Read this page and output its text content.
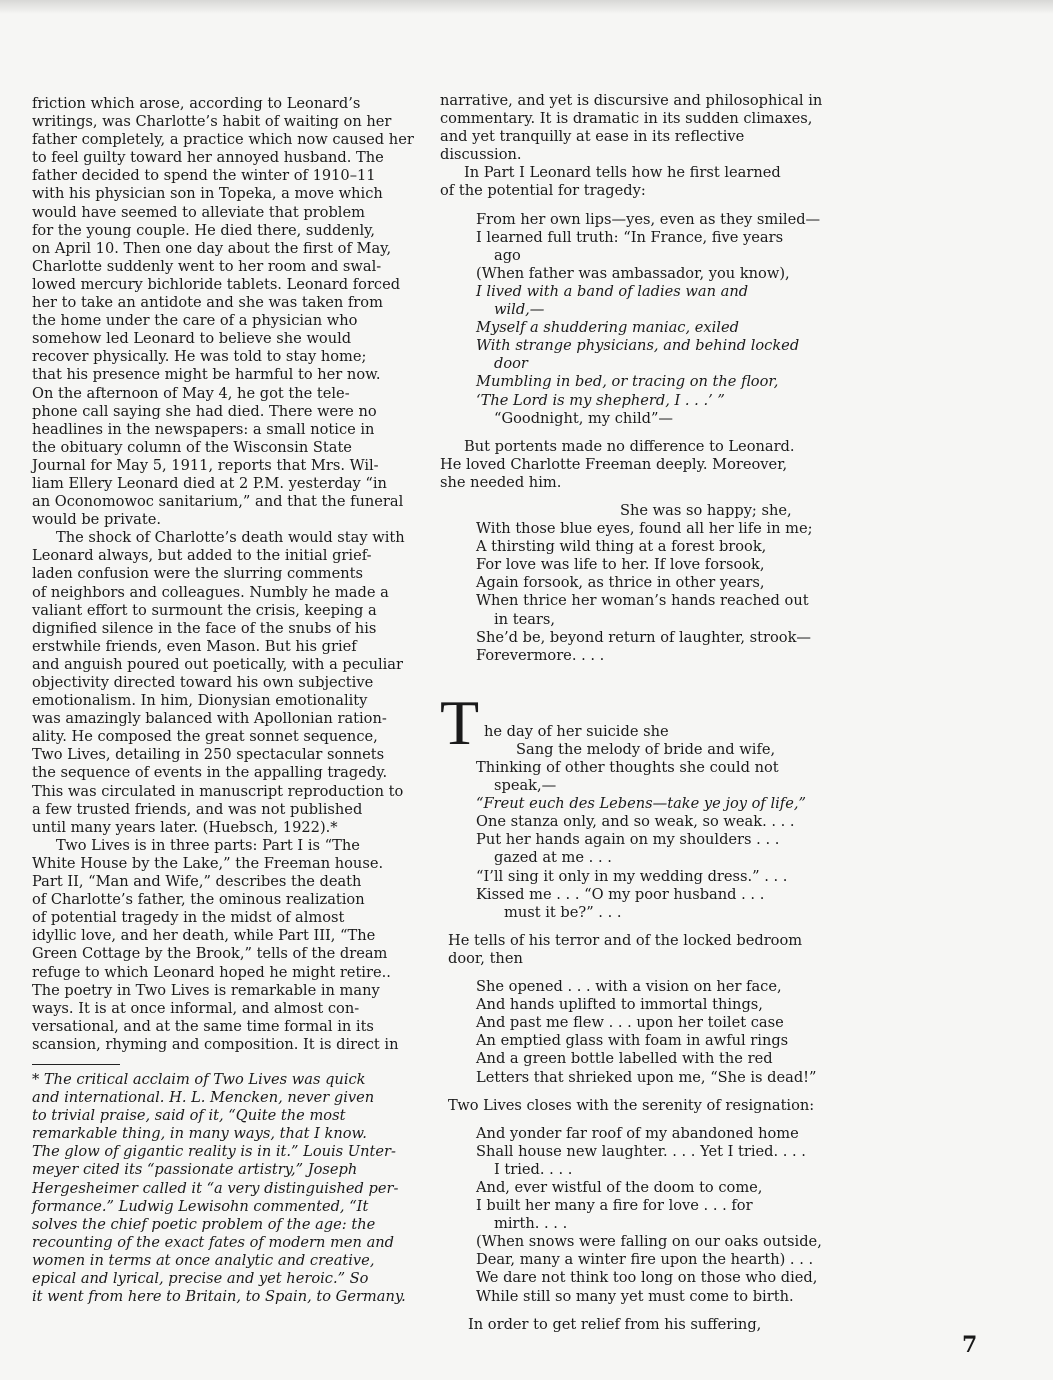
friction which arose, according to Leonard’s
writings, was Charlotte’s habit of waiting on her
father completely, a practice which now caused her
to feel guilty toward her annoyed husband. The
father decided to spend the winter of 1910–11
with his physician son in Topeka, a move which
would have seemed to alleviate that problem
for the young couple. He died there, suddenly,
on April 10. Then one day about the first of May,
Charlotte suddenly went to her room and swal-
lowed mercury bichloride tablets. Leonard forced
her to take an antidote and she was taken from
the home under the care of a physician who
somehow led Leonard to believe she would
recover physically. He was told to stay home;
that his presence might be harmful to her now.
On the afternoon of May 4, he got the tele-
phone call saying she had died. There were no
headlines in the newspapers: a small notice in
the obituary column of the Wisconsin State
Journal for May 5, 1911, reports that Mrs. Wil-
liam Ellery Leonard died at 2 P.M. yesterday “in
an Oconomowoc sanitarium,” and that the funeral
would be private.
The shock of Charlotte’s death would stay with
Leonard always, but added to the initial grief-
laden confusion were the slurring comments
of neighbors and colleagues. Numbly he made a
valiant effort to surmount the crisis, keeping a
dignified silence in the face of the snubs of his
erstwhile friends, even Mason. But his grief
and anguish poured out poetically, with a peculiar
objectivity directed toward his own subjective
emotionalism. In him, Dionysian emotionality
was amazingly balanced with Apollonian ration-
ality. He composed the great sonnet sequence,
Two Lives, detailing in 250 spectacular sonnets
the sequence of events in the appalling tragedy.
This was circulated in manuscript reproduction to
a few trusted friends, and was not published
until many years later. (Huebsch, 1922).*
Two Lives is in three parts: Part I is “The
White House by the Lake,” the Freeman house.
Part II, “Man and Wife,” describes the death
of Charlotte’s father, the ominous realization
of potential tragedy in the midst of almost
idyllic love, and her death, while Part III, “The
Green Cottage by the Brook,” tells of the dream
refuge to which Leonard hoped he might retire..
The poetry in Two Lives is remarkable in many
ways. It is at once informal, and almost con-
versational, and at the same time formal in its
scansion, rhyming and composition. It is direct in
* The critical acclaim of Two Lives was quick
and international. H. L. Mencken, never given
to trivial praise, said of it, “Quite the most
remarkable thing, in many ways, that I know.
The glow of gigantic reality is in it.” Louis Unter-
meyer cited its “passionate artistry,” Joseph
Hergesheimer called it “a very distinguished per-
formance.” Ludwig Lewisohn commented, “It
solves the chief poetic problem of the age: the
recounting of the exact fates of modern men and
women in terms at once analytic and creative,
epical and lyrical, precise and yet heroic.” So
it went from here to Britain, to Spain, to Germany.
narrative, and yet is discursive and philosophical in
commentary. It is dramatic in its sudden climaxes,
and yet tranquilly at ease in its reflective
discussion.
In Part I Leonard tells how he first learned
of the potential for tragedy:
From her own lips—yes, even as they smiled—
I learned full truth: “In France, five years
ago
(When father was ambassador, you know),
I lived with a band of ladies wan and
wild,—
Myself a shuddering maniac, exiled
With strange physicians, and behind locked
door
Mumbling in bed, or tracing on the floor,
‘The Lord is my shepherd, I . . .’ ”
“Goodnight, my child”—
But portents made no difference to Leonard.
He loved Charlotte Freeman deeply. Moreover,
she needed him.
She was so happy; she,
With those blue eyes, found all her life in me;
A thirsting wild thing at a forest brook,
For love was life to her. If love forsook,
Again forsook, as thrice in other years,
When thrice her woman’s hands reached out
in tears,
She’d be, beyond return of laughter, strook—
Forevermore. . . .
T he day of her suicide she
Sang the melody of bride and wife,
Thinking of other thoughts she could not
speak,—
“Freut euch des Lebens—take ye joy of life,”
One stanza only, and so weak, so weak. . . .
Put her hands again on my shoulders . . .
gazed at me . . .
“I’ll sing it only in my wedding dress.” . . .
Kissed me . . . “O my poor husband . . .
must it be?” . . .
He tells of his terror and of the locked bedroom
door, then
She opened . . . with a vision on her face,
And hands uplifted to immortal things,
And past me flew . . . upon her toilet case
An emptied glass with foam in awful rings
And a green bottle labelled with the red
Letters that shrieked upon me, “She is dead!”
Two Lives closes with the serenity of resignation:
And yonder far roof of my abandoned home
Shall house new laughter. . . . Yet I tried. . . .
I tried. . . .
And, ever wistful of the doom to come,
I built her many a fire for love . . . for
mirth. . . .
(When snows were falling on our oaks outside,
Dear, many a winter fire upon the hearth) . . .
We dare not think too long on those who died,
While still so many yet must come to birth.
In order to get relief from his suffering,
7
